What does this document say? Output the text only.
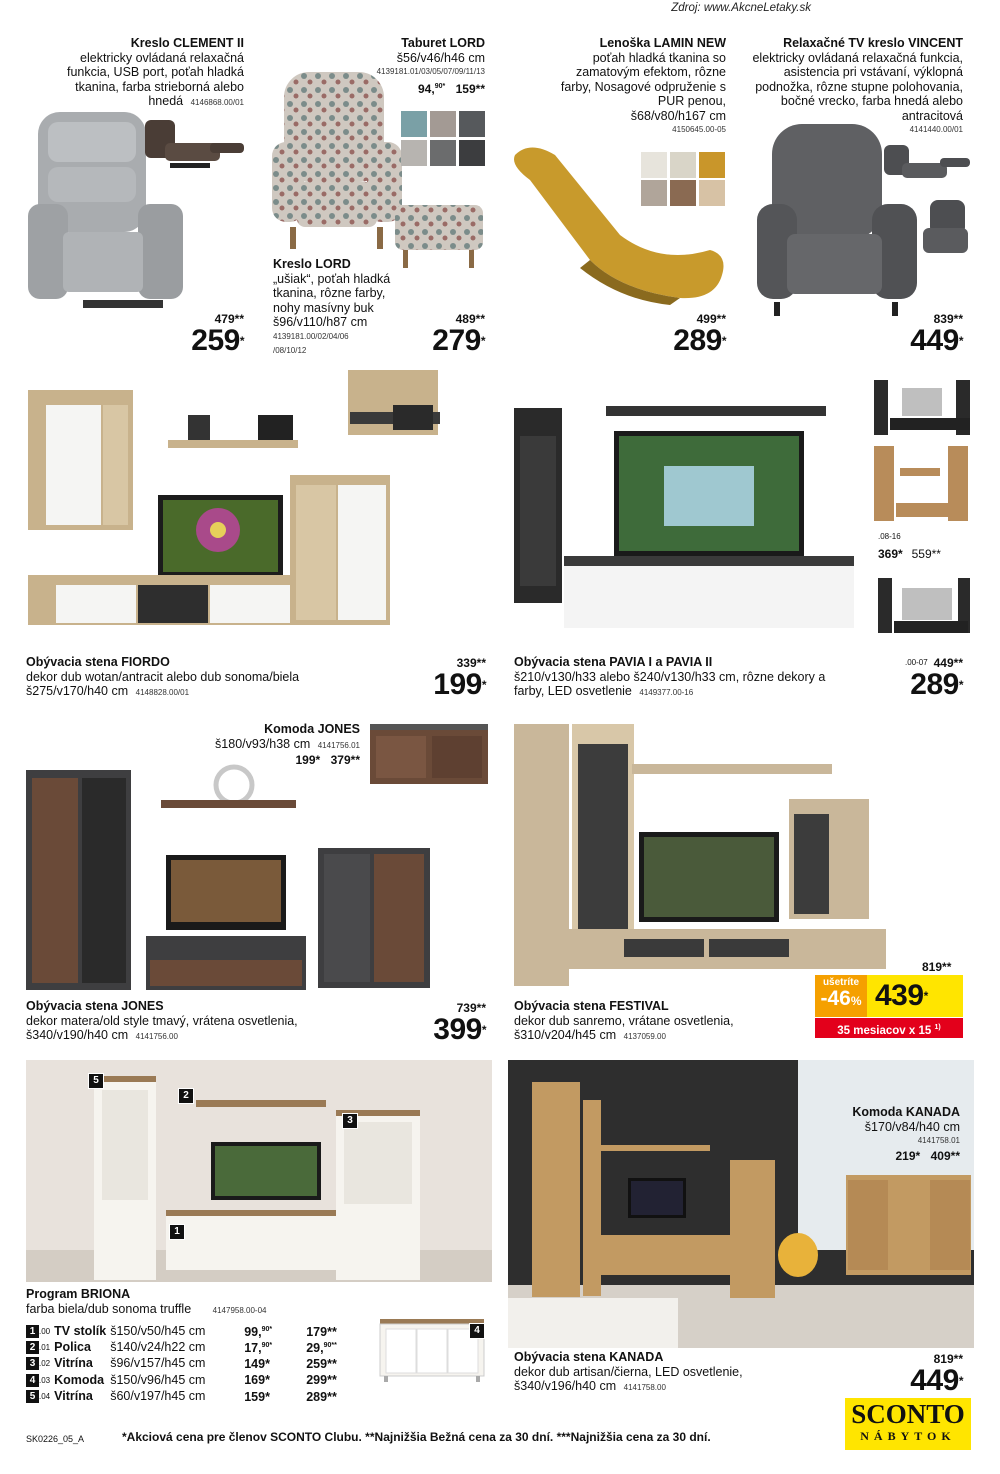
Zdroj: www.AkcneLetaky.sk
Kreslo CLEMENT II
elektricky ovládaná relaxačná funkcia, USB port, poťah hladká tkanina, farba strieborná alebo hnedá 4146868.00/01
479**
259*
Taburet LORD
š56/v46/h46 cm

4139181.01/03/05/07/09/11/13
94,$^{90*}$ 159**
Kreslo LORD
„ušiak“, poťah hladká tkanina, rôzne farby, nohy masívny buk
š96/v110/h87 cm
4139181.00/02/04/06
/08/10/12
489**
279*
Lenoška LAMIN NEW
poťah hladká tkanina so zamatovým efektom, rôzne farby, Nosagové odpruženie s PUR penou,
š68/v80/h167 cm
4150645.00-05
499**
289*
Relaxačné TV kreslo VINCENT
elektricky ovládaná relaxačná funkcia, asistencia pri vstávaní, výklopná podnožka, rôzne stupne polohovania, bočné vrecko, farba hnedá alebo antracitová
4141440.00/01
839**
449*
Obývacia stena FIORDO
dekor dub wotan/antracit alebo dub sonoma/biela
š275/v170/h40 cm 4148828.00/01
339**
199*
.08-16
369* 559**
Obývacia stena PAVIA I a PAVIA II
š210/v130/h33 alebo š240/v130/h33 cm, rôzne dekory a farby, LED osvetlenie 4149377.00-16
.00-07 449**
289*
Komoda JONES
š180/v93/h38 cm 4141756.01
199* 379**
Obývacia stena JONES
dekor matera/old style tmavý, vrátena osvetlenia,
š340/v190/h40 cm 4141756.00
739**
399*
Obývacia stena FESTIVAL
dekor dub sanremo, vrátane osvetlenia,
š310/v204/h45 cm 4137059.00
819**
ušetríte
-46% 439*
35 mesiacov x 15 $^{1)}$
5
2
3
1
Program BRIONA
farba biela/dub sonoma truffle	4147958.00-04
1 .00	TV stolík	š150/v50/h45 cm	99,$^{90*}$	179**
2 .01	Polica	š140/v24/h22 cm	17,$^{90*}$	29,$^{90**}$
3 .02	Vitrína	š96/v157/h45 cm	149*	259**
4 .03	Komoda	š150/v96/h45 cm	169*	299**
5 .04	Vitrína	š60/v197/h45 cm	159*	289**
4
Komoda KANADA
š170/v84/h40 cm

4141758.01
219* 409**
Obývacia stena KANADA
dekor dub artisan/čierna, LED osvetlenie,
š340/v196/h40 cm 4141758.00
819**
449*
SK0226_05_A	*Akciová cena pre členov SCONTO Clubu. **Najnižšia Bežná cena za 30 dní. ***Najnižšia cena za 30 dní.
SCONTO
NÁBYTOK
